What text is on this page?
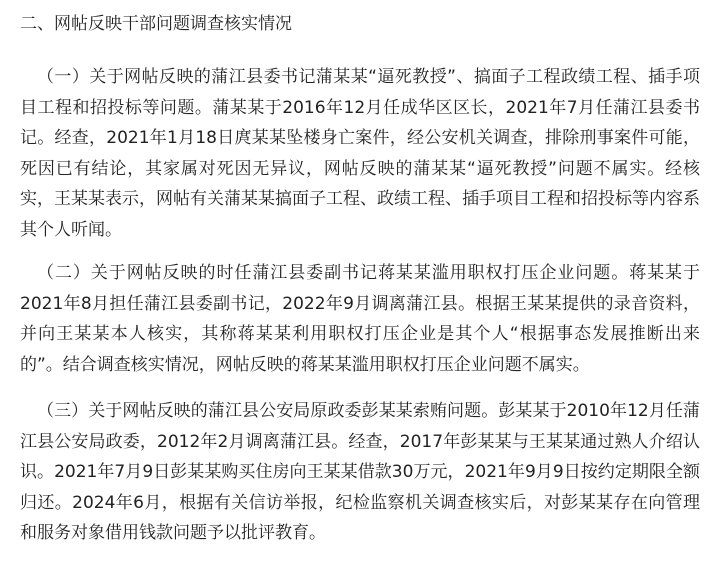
二、网帖反映干部问题调查核实情况

（一）关于网帖反映的蒲江县委书记蒲某某“逼死教授”、搞面子工程政绩工程、插手项目工程和招投标等问题。蒲某某于2016年12月任成华区区长，2021年7月任蒲江县委书记。经查，2021年1月18日庹某某坠楼身亡案件，经公安机关调查，排除刑事案件可能，死因已有结论，其家属对死因无异议，网帖反映的蒲某某“逼死教授”问题不属实。经核实，王某某表示，网帖有关蒲某某搞面子工程、政绩工程、插手项目工程和招投标等内容系其个人听闻。

（二）关于网帖反映的时任蒲江县委副书记蒋某某滥用职权打压企业问题。蒋某某于2021年8月担任蒲江县委副书记，2022年9月调离蒲江县。根据王某某提供的录音资料，并向王某某本人核实，其称蒋某某利用职权打压企业是其个人“根据事态发展推断出来的”。结合调查核实情况，网帖反映的蒋某某滥用职权打压企业问题不属实。

（三）关于网帖反映的蒲江县公安局原政委彭某某索贿问题。彭某某于2010年12月任蒲江县公安局政委，2012年2月调离蒲江县。经查，2017年彭某某与王某某通过熟人介绍认识。2021年7月9日彭某某购买住房向王某某借款30万元，2021年9月9日按约定期限全额归还。2024年6月，根据有关信访举报，纪检监察机关调查核实后，对彭某某存在向管理和服务对象借用钱款问题予以批评教育。
